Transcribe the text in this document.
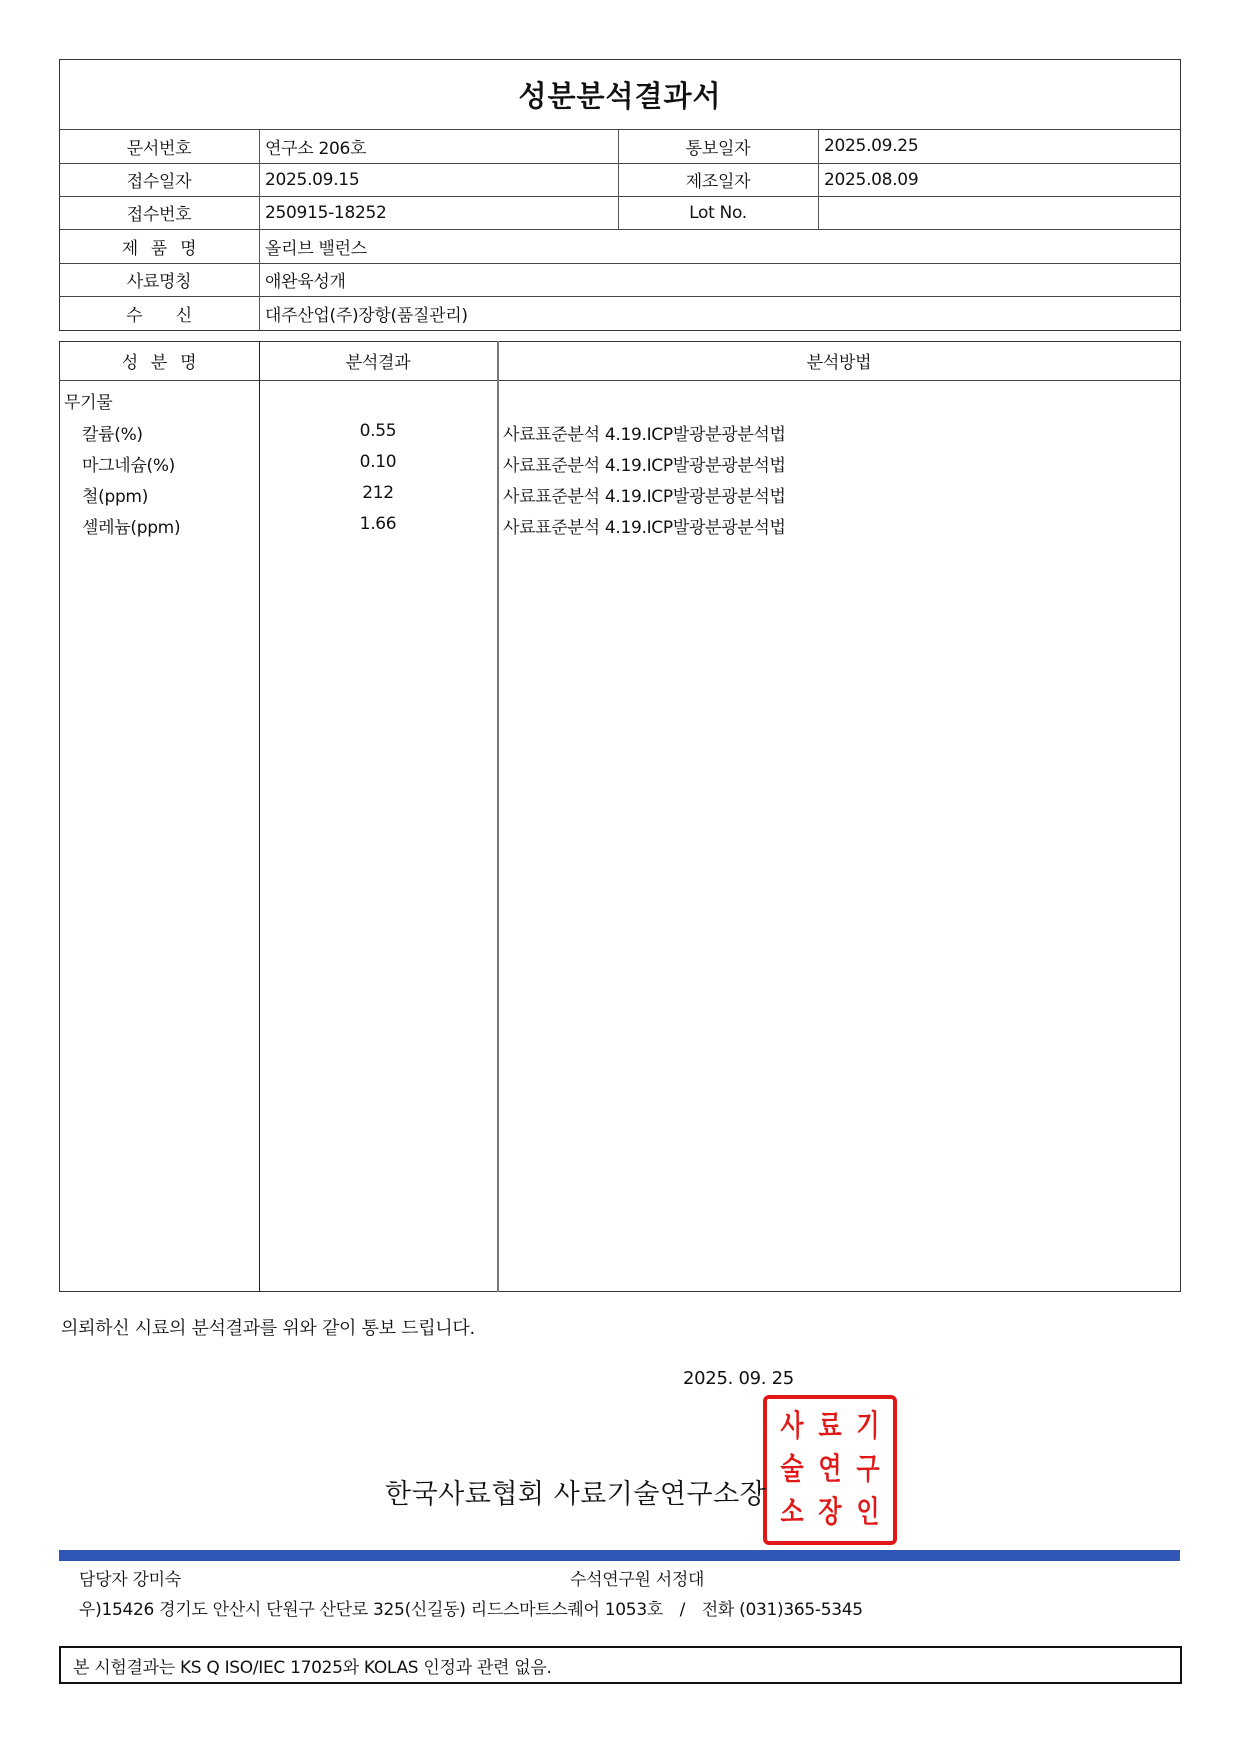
성분분석결과서
문서번호	연구소 206호	통보일자	2025.09.25
접수일자	2025.09.15	제조일자	2025.08.09
접수번호	250915-18252	Lot No.
제 품 명	올리브 밸런스
사료명칭	애완육성개
수　　신	대주산업(주)장항(품질관리)
성 분 명	분석결과	분석방법
무기물
칼륨(%)	0.55	사료표준분석 4.19.ICP발광분광분석법
마그네슘(%)	0.10	사료표준분석 4.19.ICP발광분광분석법
철(ppm)	212	사료표준분석 4.19.ICP발광분광분석법
셀레늄(ppm)	1.66	사료표준분석 4.19.ICP발광분광분석법
의뢰하신 시료의 분석결과를 위와 같이 통보 드립니다.
2025. 09. 25
사 료 기
술 연 구
소 장 인
한국사료협회 사료기술연구소장
담당자 강미숙	수석연구원 서정대
우)15426 경기도 안산시 단원구 산단로 325(신길동) 리드스마트스퀘어 1053호　/　전화 (031)365-5345
본 시험결과는 KS Q ISO/IEC 17025와 KOLAS 인정과 관련 없음.
